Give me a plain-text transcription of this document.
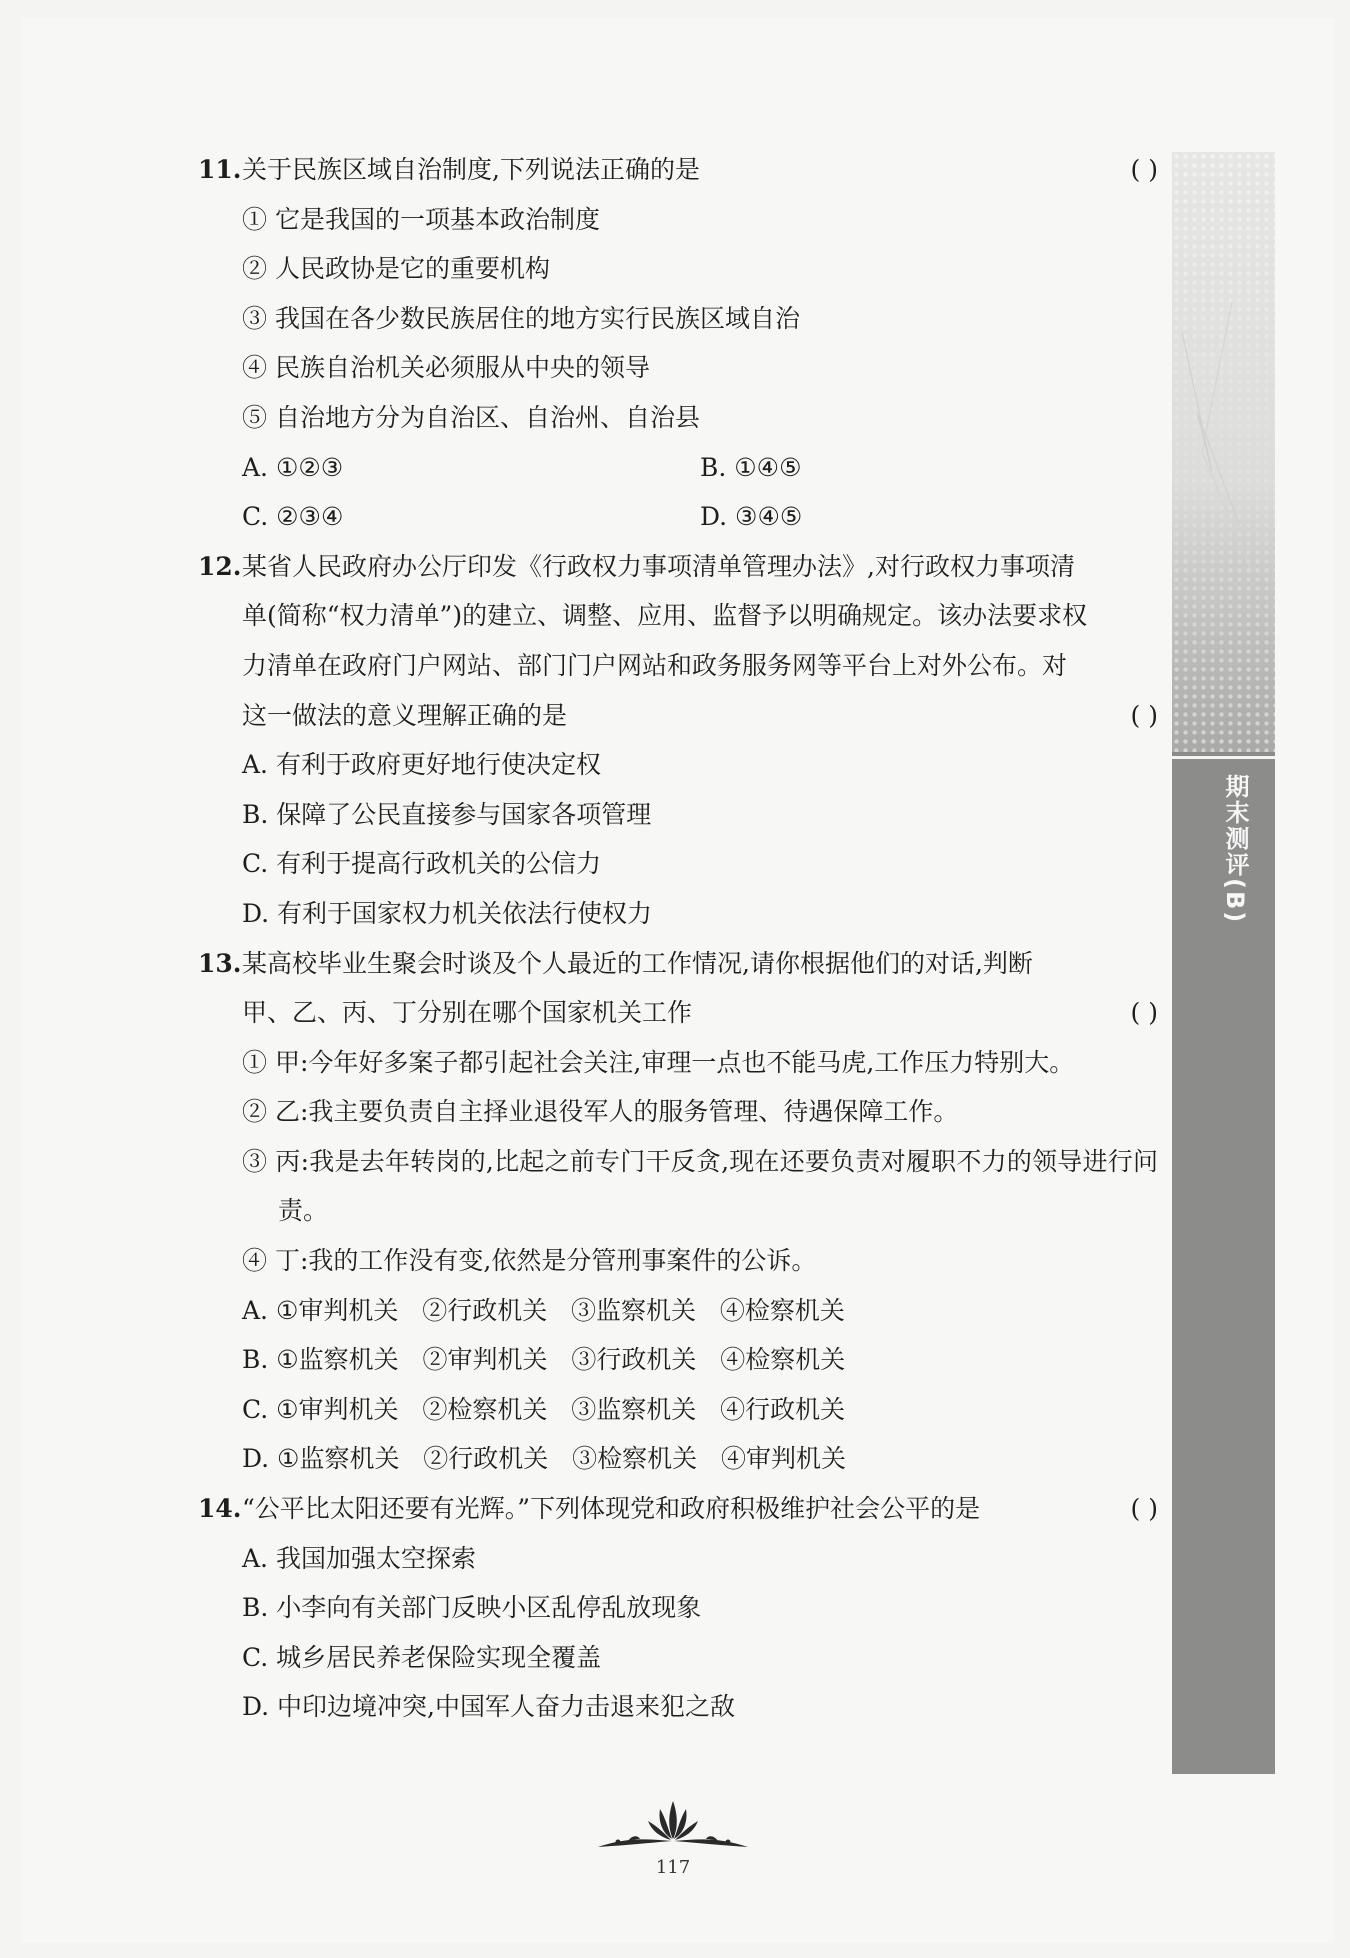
11.关于民族区域自治制度,下列说法正确的是	( )
① 它是我国的一项基本政治制度
② 人民政协是它的重要机构
③ 我国在各少数民族居住的地方实行民族区域自治
④ 民族自治机关必须服从中央的领导
⑤ 自治地方分为自治区、自治州、自治县
A. ①②③	B. ①④⑤
C. ②③④	D. ③④⑤
12.某省人民政府办公厅印发《行政权力事项清单管理办法》,对行政权力事项清
单(简称“权力清单”)的建立、调整、应用、监督予以明确规定。该办法要求权
力清单在政府门户网站、部门门户网站和政务服务网等平台上对外公布。对
这一做法的意义理解正确的是	( )
A. 有利于政府更好地行使决定权
B. 保障了公民直接参与国家各项管理
C. 有利于提高行政机关的公信力
D. 有利于国家权力机关依法行使权力
13.某高校毕业生聚会时谈及个人最近的工作情况,请你根据他们的对话,判断
甲、乙、丙、丁分别在哪个国家机关工作	( )
① 甲:今年好多案子都引起社会关注,审理一点也不能马虎,工作压力特别大。
② 乙:我主要负责自主择业退役军人的服务管理、待遇保障工作。
③ 丙:我是去年转岗的,比起之前专门干反贪,现在还要负责对履职不力的领导进行问责。
④ 丁:我的工作没有变,依然是分管刑事案件的公诉。
A. ①审判机关   ②行政机关   ③监察机关   ④检察机关
B. ①监察机关   ②审判机关   ③行政机关   ④检察机关
C. ①审判机关   ②检察机关   ③监察机关   ④行政机关
D. ①监察机关   ②行政机关   ③检察机关   ④审判机关
14.“公平比太阳还要有光辉。”下列体现党和政府积极维护社会公平的是	( )
A. 我国加强太空探索
B. 小李向有关部门反映小区乱停乱放现象
C. 城乡居民养老保险实现全覆盖
D. 中印边境冲突,中国军人奋力击退来犯之敌
期末测评(B)
117
